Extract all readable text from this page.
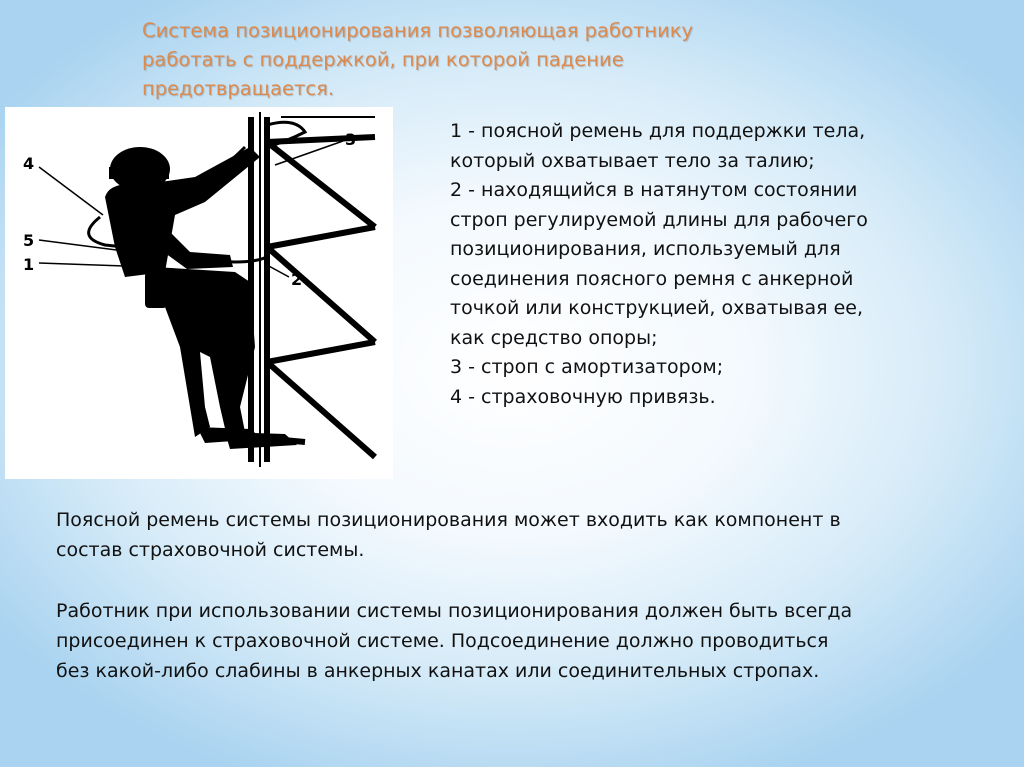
Система позиционирования позволяющая работнику
работать с поддержкой, при которой падение
предотвращается.
4
5
1
3
2
1 - поясной ремень для поддержки тела,
который охватывает тело за талию;
2 - находящийся в натянутом состоянии
строп регулируемой длины для рабочего
позиционирования, используемый для
соединения поясного ремня с анкерной
точкой или конструкцией, охватывая ее,
как средство опоры;
3 - строп с амортизатором;
4 - страховочную привязь.
Поясной ремень системы позиционирования может входить как компонент в
состав страховочной системы.
Работник при использовании системы позиционирования должен быть всегда
присоединен к страховочной системе. Подсоединение должно проводиться
без какой-либо слабины в анкерных канатах или соединительных стропах.
